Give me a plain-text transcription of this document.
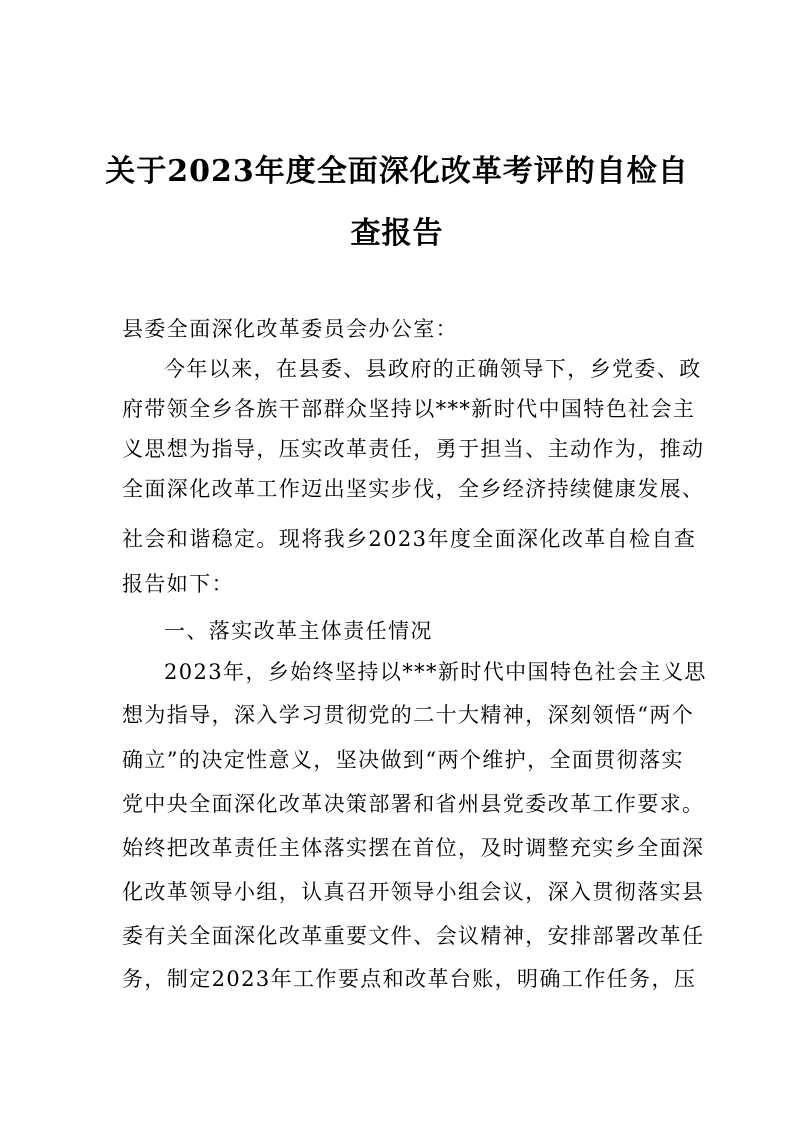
关于2023年度全面深化改革考评的自检自
查报告
县委全面深化改革委员会办公室：
今年以来，在县委、县政府的正确领导下，乡党委、政
府带领全乡各族干部群众坚持以***新时代中国特色社会主
义思想为指导，压实改革责任，勇于担当、主动作为，推动
全面深化改革工作迈出坚实步伐，全乡经济持续健康发展、
社会和谐稳定。现将我乡2023年度全面深化改革自检自查
报告如下：
一、落实改革主体责任情况
2023年，乡始终坚持以***新时代中国特色社会主义思
想为指导，深入学习贯彻党的二十大精神，深刻领悟“两个
确立”的决定性意义，坚决做到“两个维护，全面贯彻落实
党中央全面深化改革决策部署和省州县党委改革工作要求。
始终把改革责任主体落实摆在首位，及时调整充实乡全面深
化改革领导小组，认真召开领导小组会议，深入贯彻落实县
委有关全面深化改革重要文件、会议精神，安排部署改革任
务，制定2023年工作要点和改革台账，明确工作任务，压
